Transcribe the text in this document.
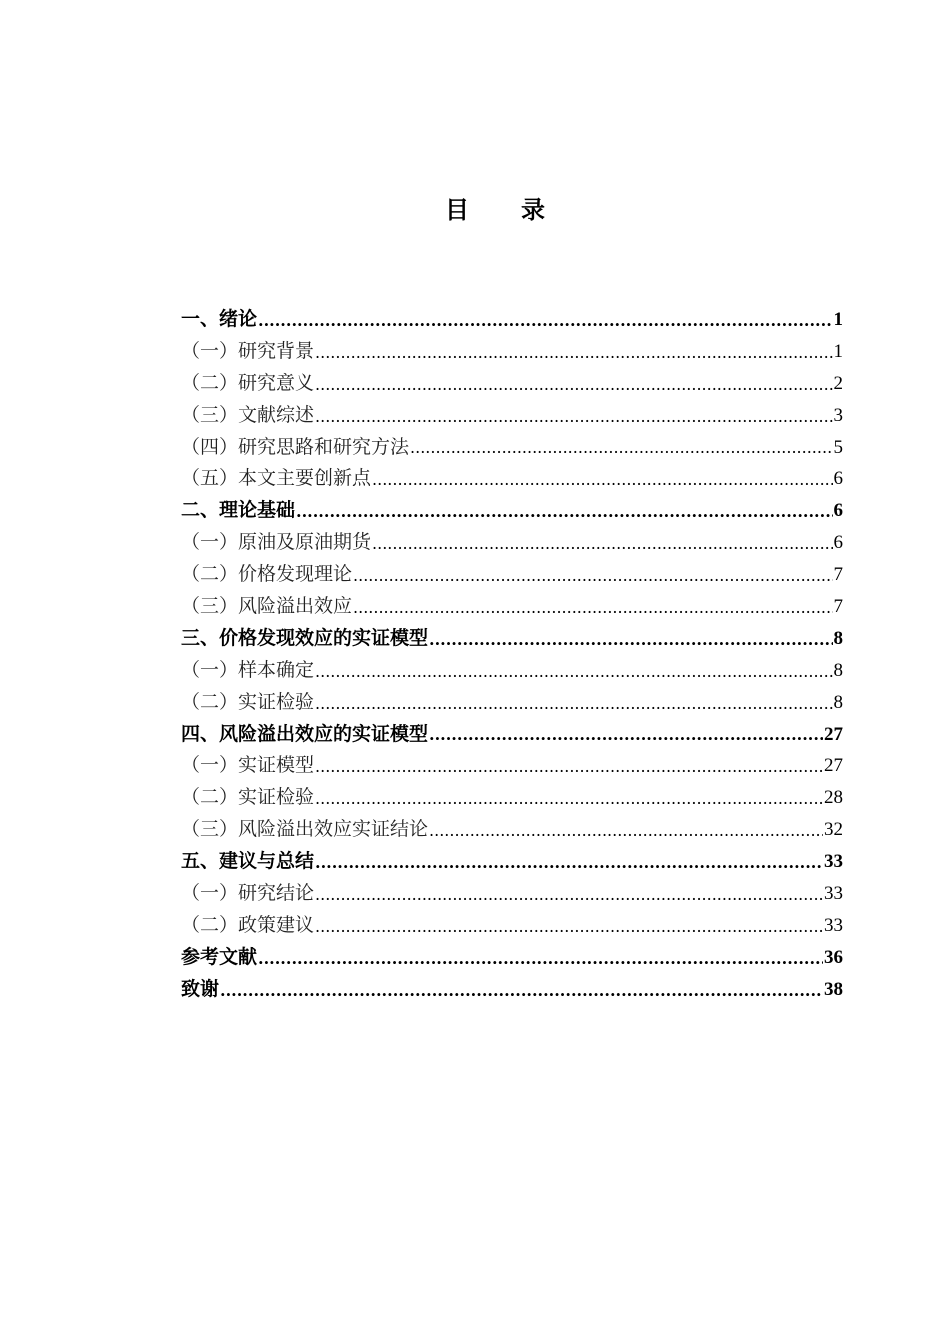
目 录
一、绪论 .....	1
（一）研究背景 .....	1
（二）研究意义 .....	2
（三）文献综述 .....	3
（四）研究思路和研究方法 .....	5
（五）本文主要创新点 .....	6
二、理论基础 .....	6
（一）原油及原油期货 .....	6
（二）价格发现理论 .....	7
（三）风险溢出效应 .....	7
三、价格发现效应的实证模型 .....	8
（一）样本确定 .....	8
（二）实证检验 .....	8
四、风险溢出效应的实证模型 .....	27
（一）实证模型 .....	27
（二）实证检验 .....	28
（三）风险溢出效应实证结论 .....	32
五、建议与总结 .....	33
（一）研究结论 .....	33
（二）政策建议 .....	33
参考文献 .....	36
致谢 .....	38
